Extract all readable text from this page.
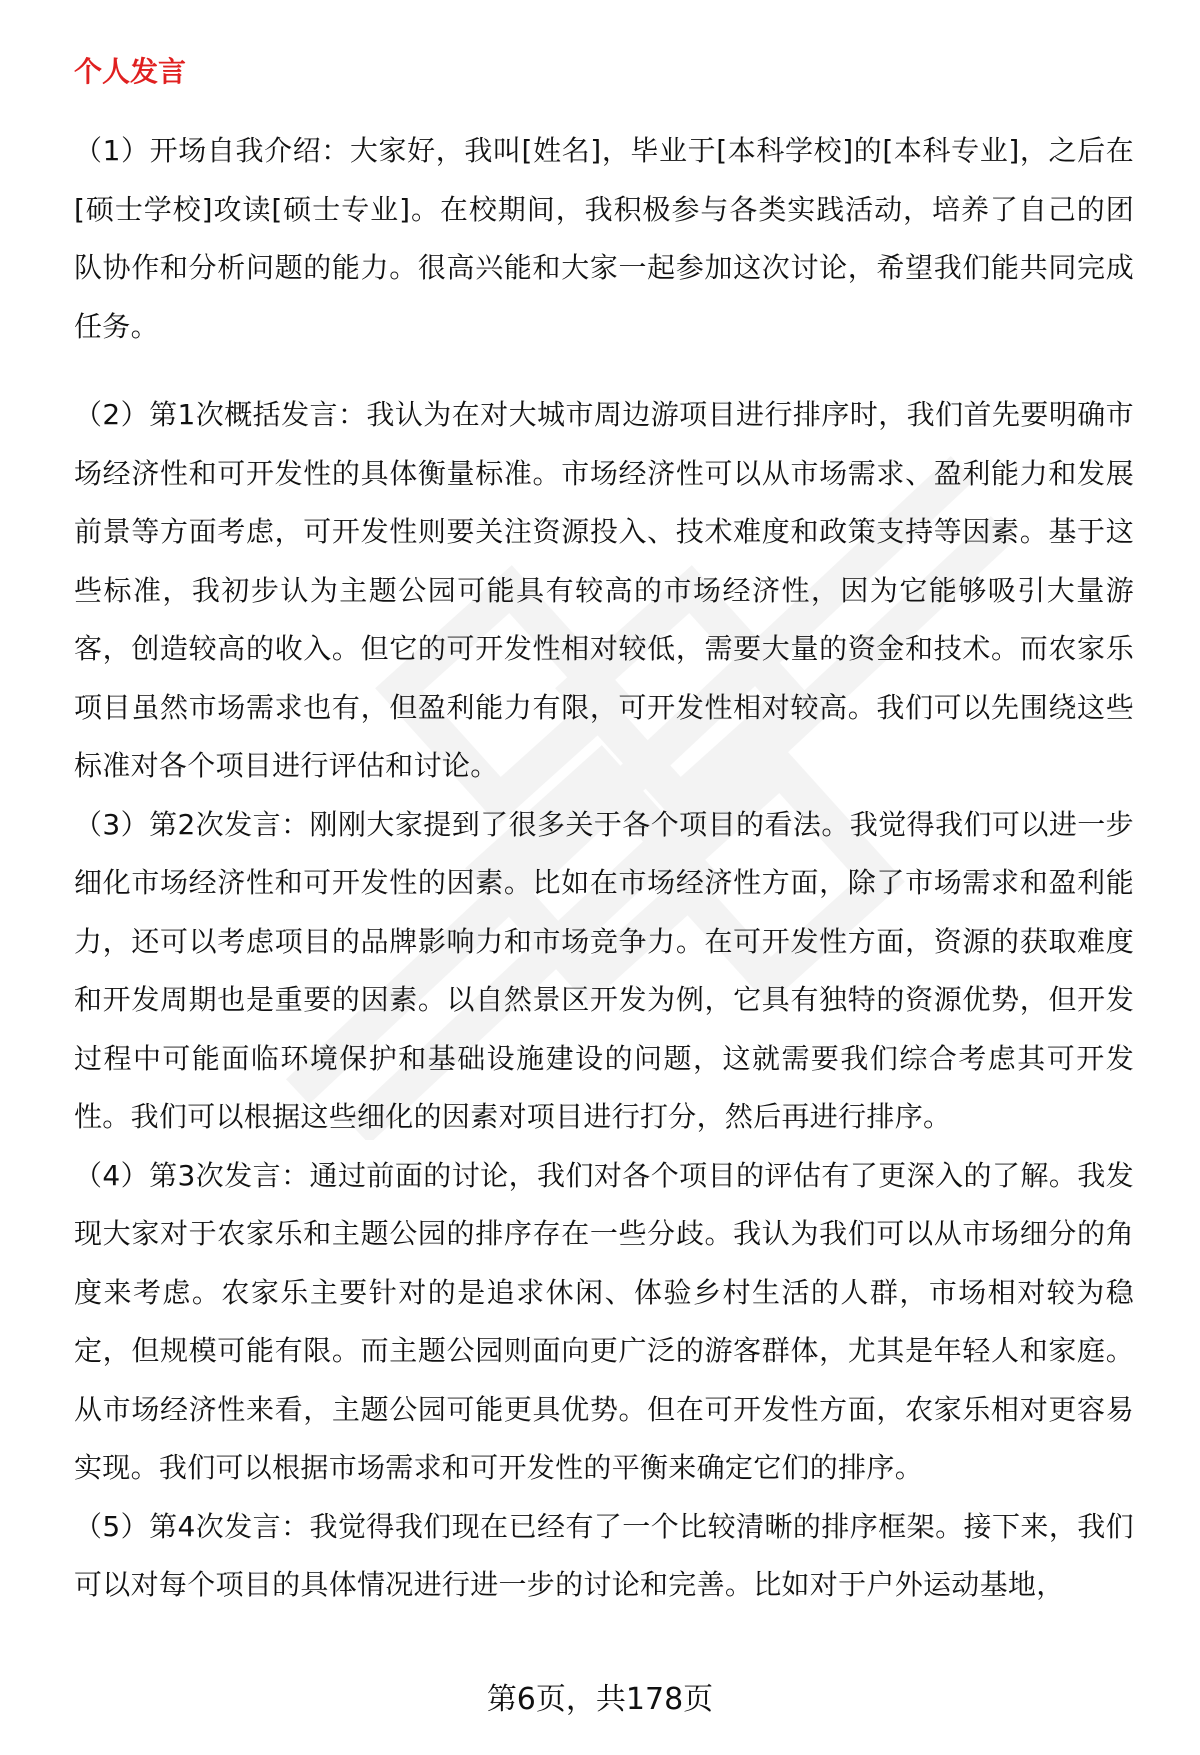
个人发言

（1）开场自我介绍：大家好，我叫[姓名]，毕业于[本科学校]的[本科专业]，之后在[硕士学校]攻读[硕士专业]。在校期间，我积极参与各类实践活动，培养了自己的团队协作和分析问题的能力。很高兴能和大家一起参加这次讨论，希望我们能共同完成任务。

（2）第1次概括发言：我认为在对大城市周边游项目进行排序时，我们首先要明确市场经济性和可开发性的具体衡量标准。市场经济性可以从市场需求、盈利能力和发展前景等方面考虑，可开发性则要关注资源投入、技术难度和政策支持等因素。基于这些标准，我初步认为主题公园可能具有较高的市场经济性，因为它能够吸引大量游客，创造较高的收入。但它的可开发性相对较低，需要大量的资金和技术。而农家乐项目虽然市场需求也有，但盈利能力有限，可开发性相对较高。我们可以先围绕这些标准对各个项目进行评估和讨论。

（3）第2次发言：刚刚大家提到了很多关于各个项目的看法。我觉得我们可以进一步细化市场经济性和可开发性的因素。比如在市场经济性方面，除了市场需求和盈利能力，还可以考虑项目的品牌影响力和市场竞争力。在可开发性方面，资源的获取难度和开发周期也是重要的因素。以自然景区开发为例，它具有独特的资源优势，但开发过程中可能面临环境保护和基础设施建设的问题，这就需要我们综合考虑其可开发性。我们可以根据这些细化的因素对项目进行打分，然后再进行排序。

（4）第3次发言：通过前面的讨论，我们对各个项目的评估有了更深入的了解。我发现大家对于农家乐和主题公园的排序存在一些分歧。我认为我们可以从市场细分的角度来考虑。农家乐主要针对的是追求休闲、体验乡村生活的人群，市场相对较为稳定，但规模可能有限。而主题公园则面向更广泛的游客群体，尤其是年轻人和家庭。从市场经济性来看，主题公园可能更具优势。但在可开发性方面，农家乐相对更容易实现。我们可以根据市场需求和可开发性的平衡来确定它们的排序。

（5）第4次发言：我觉得我们现在已经有了一个比较清晰的排序框架。接下来，我们可以对每个项目的具体情况进行进一步的讨论和完善。比如对于户外运动基地，

第6页，共178页
